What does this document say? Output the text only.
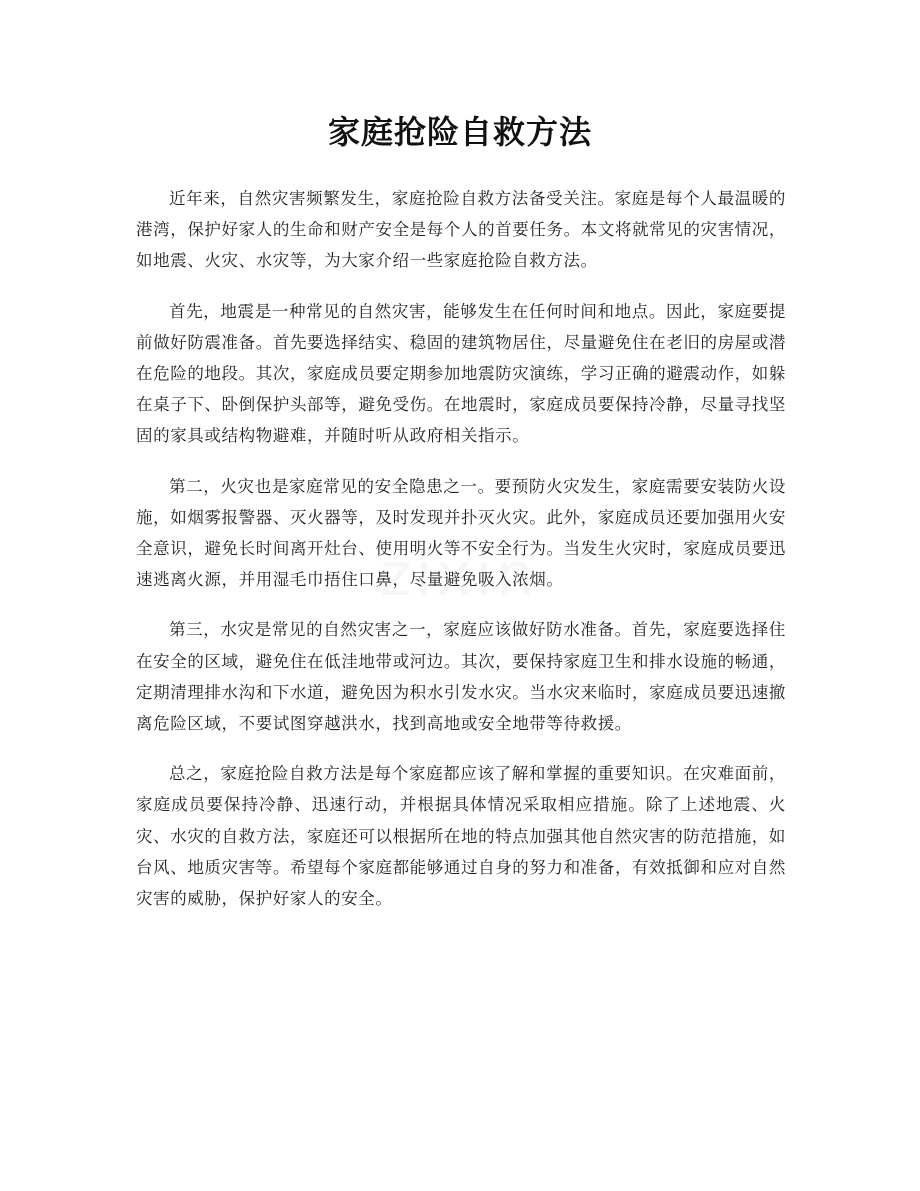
家庭抢险自救方法

近年来，自然灾害频繁发生，家庭抢险自救方法备受关注。家庭是每个人最温暖的港湾，保护好家人的生命和财产安全是每个人的首要任务。本文将就常见的灾害情况，如地震、火灾、水灾等，为大家介绍一些家庭抢险自救方法。

首先，地震是一种常见的自然灾害，能够发生在任何时间和地点。因此，家庭要提前做好防震准备。首先要选择结实、稳固的建筑物居住，尽量避免住在老旧的房屋或潜在危险的地段。其次，家庭成员要定期参加地震防灾演练，学习正确的避震动作，如躲在桌子下、卧倒保护头部等，避免受伤。在地震时，家庭成员要保持冷静，尽量寻找坚固的家具或结构物避难，并随时听从政府相关指示。

第二，火灾也是家庭常见的安全隐患之一。要预防火灾发生，家庭需要安装防火设施，如烟雾报警器、灭火器等，及时发现并扑灭火灾。此外，家庭成员还要加强用火安全意识，避免长时间离开灶台、使用明火等不安全行为。当发生火灾时，家庭成员要迅速逃离火源，并用湿毛巾捂住口鼻，尽量避免吸入浓烟。

第三，水灾是常见的自然灾害之一，家庭应该做好防水准备。首先，家庭要选择住在安全的区域，避免住在低洼地带或河边。其次，要保持家庭卫生和排水设施的畅通，定期清理排水沟和下水道，避免因为积水引发水灾。当水灾来临时，家庭成员要迅速撤离危险区域，不要试图穿越洪水，找到高地或安全地带等待救援。

总之，家庭抢险自救方法是每个家庭都应该了解和掌握的重要知识。在灾难面前，家庭成员要保持冷静、迅速行动，并根据具体情况采取相应措施。除了上述地震、火灾、水灾的自救方法，家庭还可以根据所在地的特点加强其他自然灾害的防范措施，如台风、地质灾害等。希望每个家庭都能够通过自身的努力和准备，有效抵御和应对自然灾害的威胁，保护好家人的安全。
